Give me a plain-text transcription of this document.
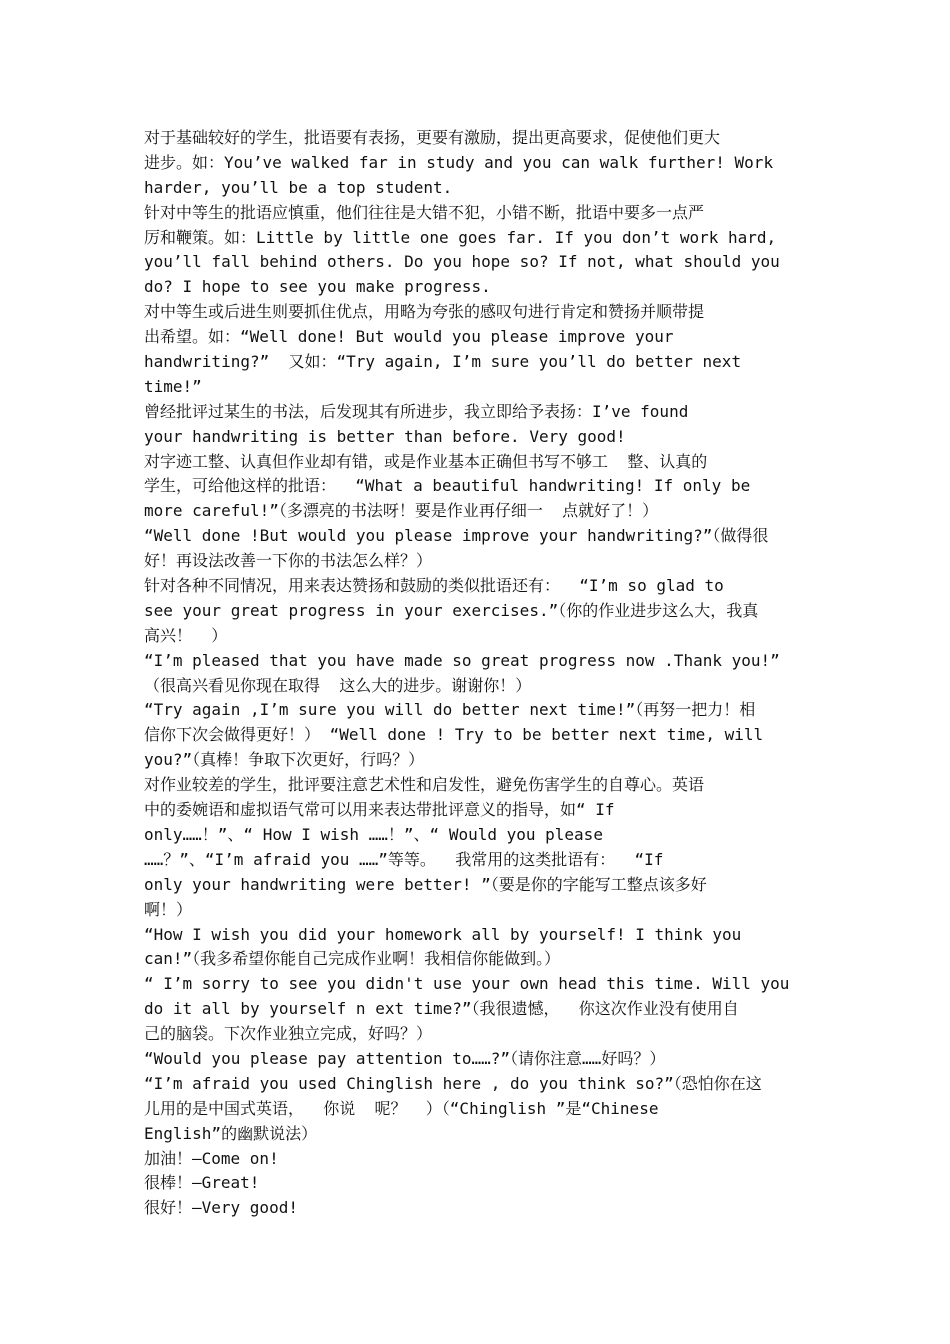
对于基础较好的学生，批语要有表扬，更要有激励，提出更高要求，促使他们更大
进步。如：You’ve walked far in study and you can walk further! Work
harder, you’ll be a top student.
针对中等生的批语应慎重，他们往往是大错不犯，小错不断，批语中要多一点严
厉和鞭策。如：Little by little one goes far. If you don’t work hard,
you’ll fall behind others. Do you hope so? If not, what should you
do? I hope to see you make progress.
对中等生或后进生则要抓住优点，用略为夸张的感叹句进行肯定和赞扬并顺带提
出希望。如：“Well done! But would you please improve your
handwriting?”  又如：“Try again, I’m sure you’ll do better next
time!”
曾经批评过某生的书法，后发现其有所进步，我立即给予表扬：I’ve found
your handwriting is better than before. Very good!
对字迹工整、认真但作业却有错，或是作业基本正确但书写不够工  整、认真的
学生，可给他这样的批语：  “What a beautiful handwriting! If only be
more careful!”（多漂亮的书法呀！要是作业再仔细一  点就好了！）
“Well done !But would you please improve your handwriting?”（做得很
好！再设法改善一下你的书法怎么样？）
针对各种不同情况，用来表达赞扬和鼓励的类似批语还有：  “I’m so glad to
see your great progress in your exercises.”（你的作业进步这么大，我真
高兴！  ）
“I’m pleased that you have made so great progress now .Thank you!”
（很高兴看见你现在取得  这么大的进步。谢谢你！）
“Try again ,I’m sure you will do better next time!”（再努一把力！相
信你下次会做得更好！） “Well done ! Try to be better next time, will
you?”（真棒！争取下次更好，行吗？）
对作业较差的学生，批评要注意艺术性和启发性，避免伤害学生的自尊心。英语
中的委婉语和虚拟语气常可以用来表达带批评意义的指导，如“ If
only……！”、“ How I wish ……！”、“ Would you please
……？”、“I’m afraid you ……”等等。  我常用的这类批语有：  “If
only your handwriting were better! ”（要是你的字能写工整点该多好
啊！）
“How I wish you did your homework all by yourself! I think you
can!”（我多希望你能自己完成作业啊！我相信你能做到。）
“ I’m sorry to see you didn't use your own head this time. Will you
do it all by yourself n ext time?”（我很遗憾，  你这次作业没有使用自
己的脑袋。下次作业独立完成，好吗？）
“Would you please pay attention to……?”（请你注意……好吗？）
“I’m afraid you used Chinglish here , do you think so?”（恐怕你在这
儿用的是中国式英语，  你说  呢？  ）（“Chinglish ”是“Chinese
English”的幽默说法）
加油！—Come on!
很棒！—Great!
很好！—Very good!
